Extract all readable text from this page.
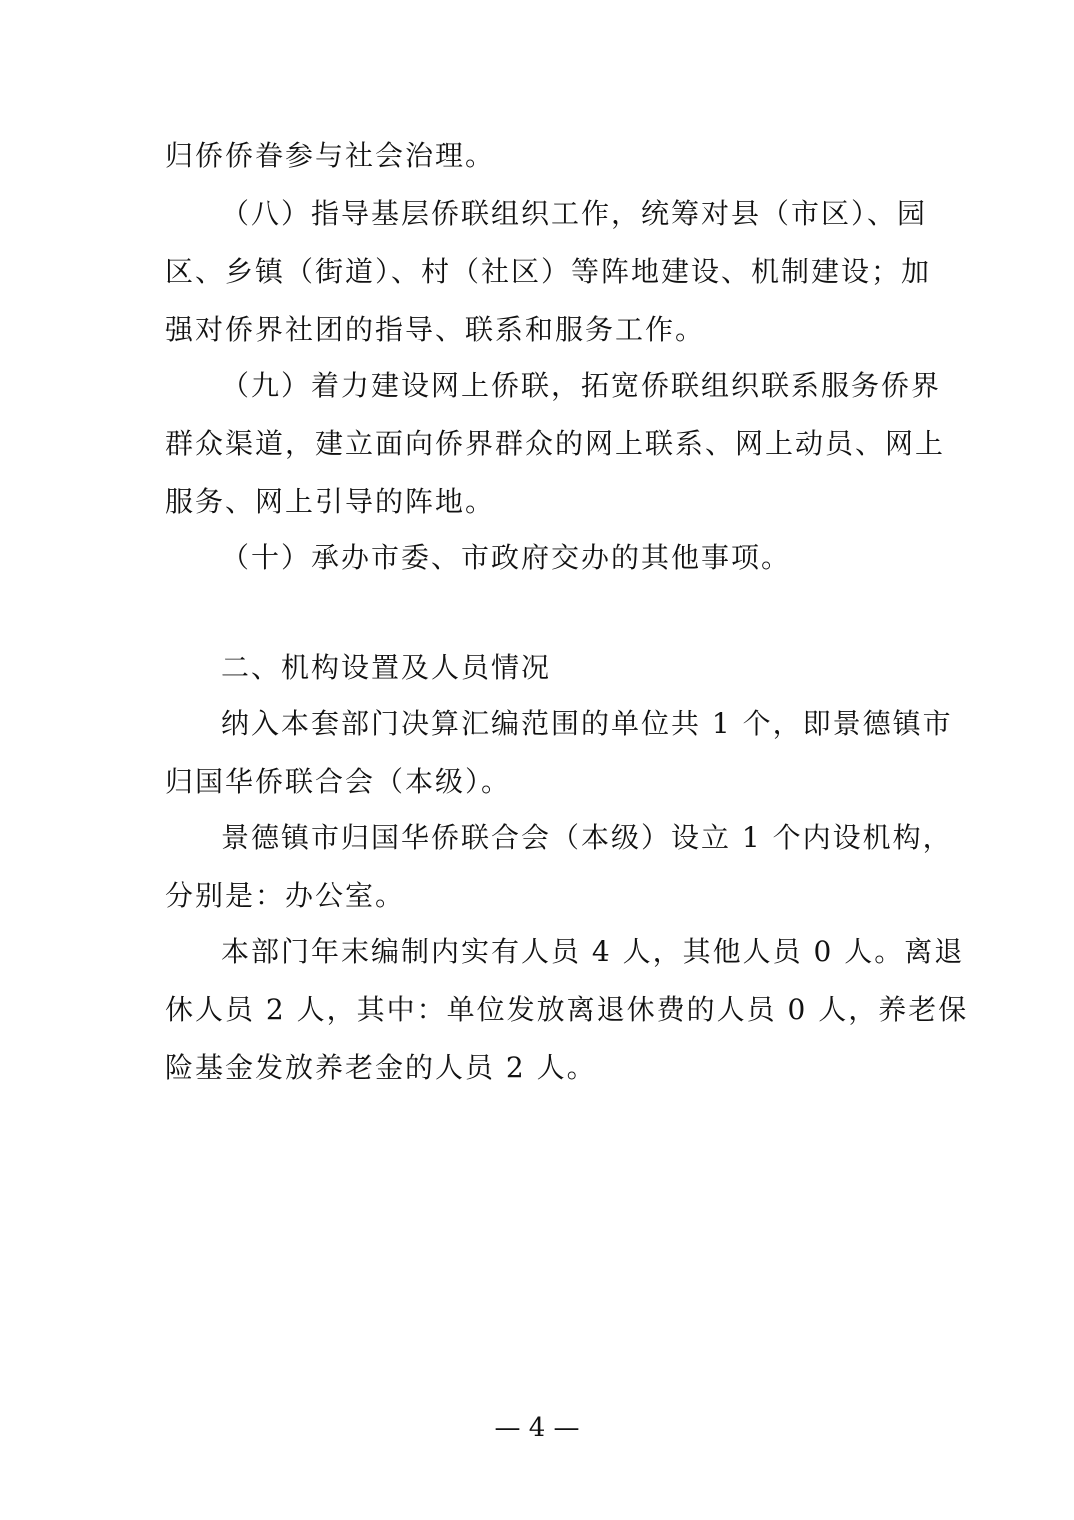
归侨侨眷参与社会治理。
（八）指导基层侨联组织工作，统筹对县（市区）、园
区、乡镇（街道）、村（社区）等阵地建设、机制建设；加
强对侨界社团的指导、联系和服务工作。
（九）着力建设网上侨联，拓宽侨联组织联系服务侨界
群众渠道，建立面向侨界群众的网上联系、网上动员、网上
服务、网上引导的阵地。
（十）承办市委、市政府交办的其他事项。
二、机构设置及人员情况
纳入本套部门决算汇编范围的单位共 1 个，即景德镇市
归国华侨联合会（本级）。
景德镇市归国华侨联合会（本级）设立 1 个内设机构，
分别是：办公室。
本部门年末编制内实有人员 4 人，其他人员 0 人。离退
休人员 2 人，其中：单位发放离退休费的人员 0 人，养老保
险基金发放养老金的人员 2 人。
— 4 —
